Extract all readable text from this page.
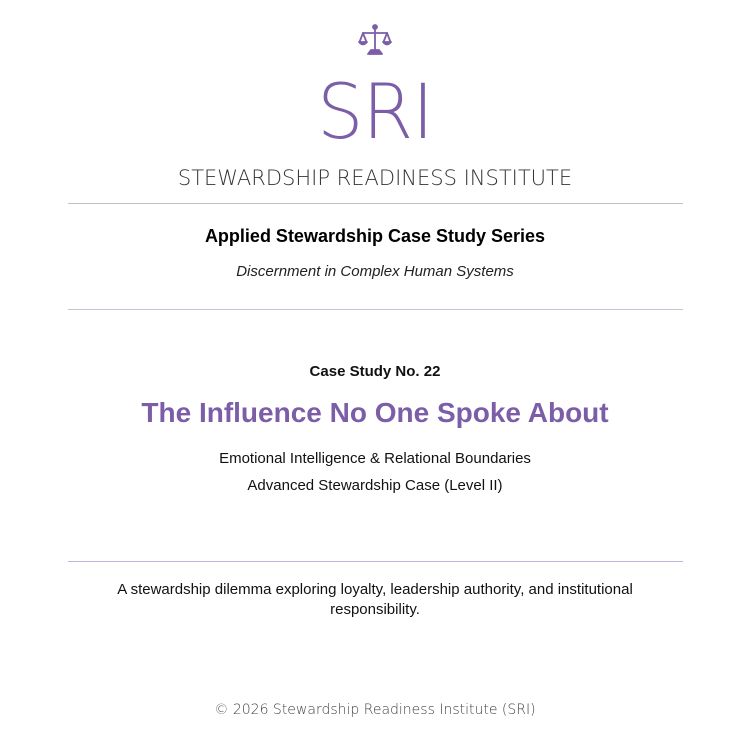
SRI
STEWARDSHIP READINESS INSTITUTE
Applied Stewardship Case Study Series
Discernment in Complex Human Systems
Case Study No. 22
The Influence No One Spoke About
Emotional Intelligence & Relational Boundaries
Advanced Stewardship Case (Level II)
A stewardship dilemma exploring loyalty, leadership authority, and institutional responsibility.
© 2026 Stewardship Readiness Institute (SRI)
